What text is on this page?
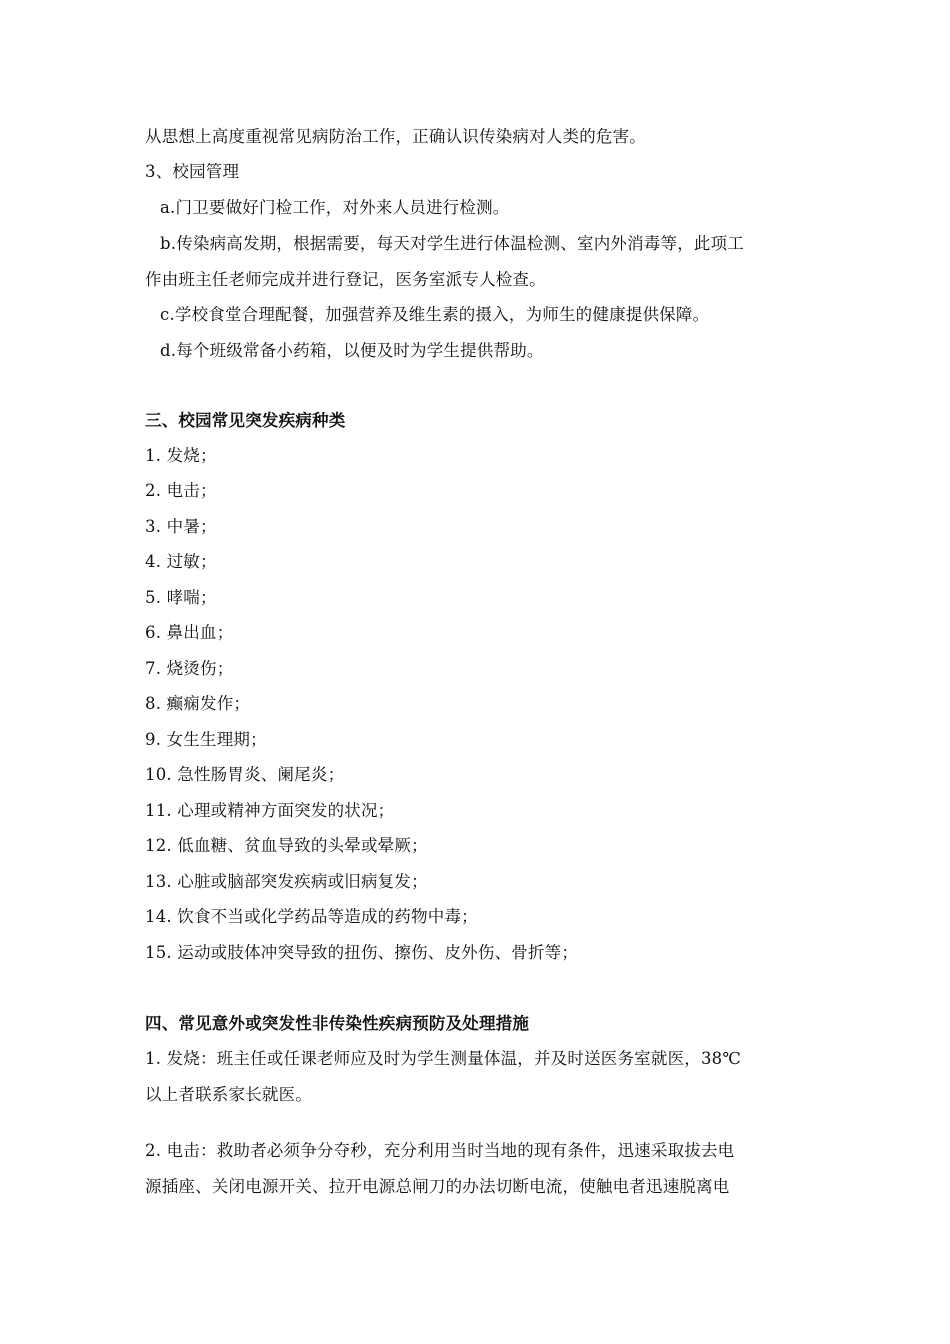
从思想上高度重视常见病防治工作，正确认识传染病对人类的危害。
3、校园管理
a.门卫要做好门检工作，对外来人员进行检测。
b.传染病高发期，根据需要，每天对学生进行体温检测、室内外消毒等，此项工
作由班主任老师完成并进行登记，医务室派专人检查。
c.学校食堂合理配餐，加强营养及维生素的摄入，为师生的健康提供保障。
d.每个班级常备小药箱，以便及时为学生提供帮助。
三、校园常见突发疾病种类
1. 发烧；
2. 电击；
3. 中暑；
4. 过敏；
5. 哮喘；
6. 鼻出血；
7. 烧烫伤；
8. 癫痫发作；
9. 女生生理期；
10. 急性肠胃炎、阑尾炎；
11. 心理或精神方面突发的状况；
12. 低血糖、贫血导致的头晕或晕厥；
13. 心脏或脑部突发疾病或旧病复发；
14. 饮食不当或化学药品等造成的药物中毒；
15. 运动或肢体冲突导致的扭伤、擦伤、皮外伤、骨折等；
四、常见意外或突发性非传染性疾病预防及处理措施
1. 发烧：班主任或任课老师应及时为学生测量体温，并及时送医务室就医，38℃
以上者联系家长就医。
2. 电击：救助者必须争分夺秒，充分利用当时当地的现有条件，迅速采取拔去电
源插座、关闭电源开关、拉开电源总闸刀的办法切断电流，使触电者迅速脱离电
